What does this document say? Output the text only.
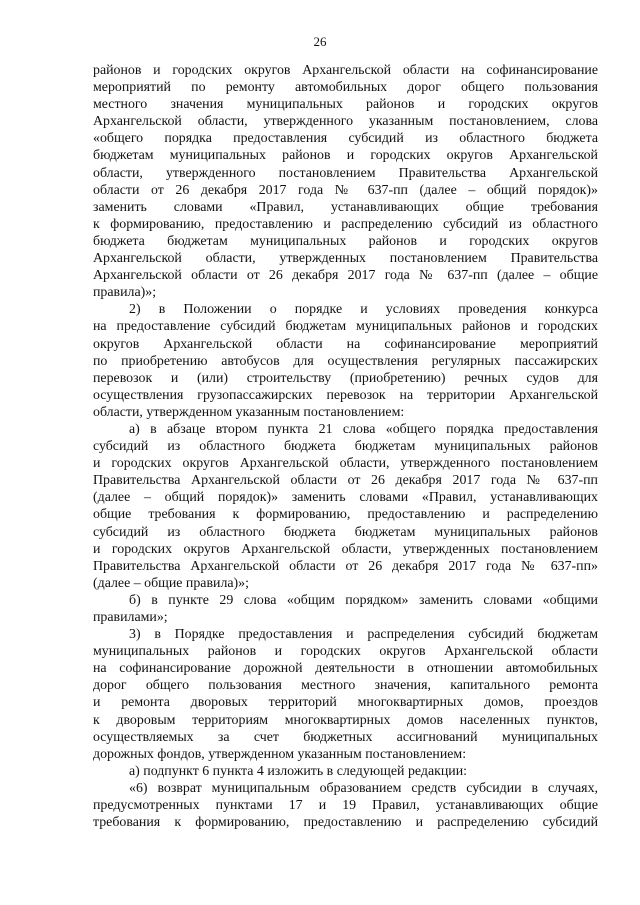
26

районов и городских округов Архангельской области на софинансирование
мероприятий по ремонту автомобильных дорог общего пользования
местного значения муниципальных районов и городских округов
Архангельской области, утвержденного указанным постановлением, слова
«общего порядка предоставления субсидий из областного бюджета
бюджетам муниципальных районов и городских округов Архангельской
области, утвержденного постановлением Правительства Архангельской
области от 26 декабря 2017 года № 637-пп (далее – общий порядок)»
заменить словами «Правил, устанавливающих общие требования
к формированию, предоставлению и распределению субсидий из областного
бюджета бюджетам муниципальных районов и городских округов
Архангельской области, утвержденных постановлением Правительства
Архангельской области от 26 декабря 2017 года № 637-пп (далее – общие
правила)»;

2) в Положении о порядке и условиях проведения конкурса
на предоставление субсидий бюджетам муниципальных районов и городских
округов Архангельской области на софинансирование мероприятий
по приобретению автобусов для осуществления регулярных пассажирских
перевозок и (или) строительству (приобретению) речных судов для
осуществления грузопассажирских перевозок на территории Архангельской
области, утвержденном указанным постановлением:

а) в абзаце втором пункта 21 слова «общего порядка предоставления
субсидий из областного бюджета бюджетам муниципальных районов
и городских округов Архангельской области, утвержденного постановлением
Правительства Архангельской области от 26 декабря 2017 года № 637-пп
(далее – общий порядок)» заменить словами «Правил, устанавливающих
общие требования к формированию, предоставлению и распределению
субсидий из областного бюджета бюджетам муниципальных районов
и городских округов Архангельской области, утвержденных постановлением
Правительства Архангельской области от 26 декабря 2017 года № 637-пп»
(далее – общие правила)»;

б) в пункте 29 слова «общим порядком» заменить словами «общими
правилами»;

3) в Порядке предоставления и распределения субсидий бюджетам
муниципальных районов и городских округов Архангельской области
на софинансирование дорожной деятельности в отношении автомобильных
дорог общего пользования местного значения, капитального ремонта
и ремонта дворовых территорий многоквартирных домов, проездов
к дворовым территориям многоквартирных домов населенных пунктов,
осуществляемых за счет бюджетных ассигнований муниципальных
дорожных фондов, утвержденном указанным постановлением:

а) подпункт 6 пункта 4 изложить в следующей редакции:

«6) возврат муниципальным образованием средств субсидии в случаях,
предусмотренных пунктами 17 и 19 Правил, устанавливающих общие
требования к формированию, предоставлению и распределению субсидий
